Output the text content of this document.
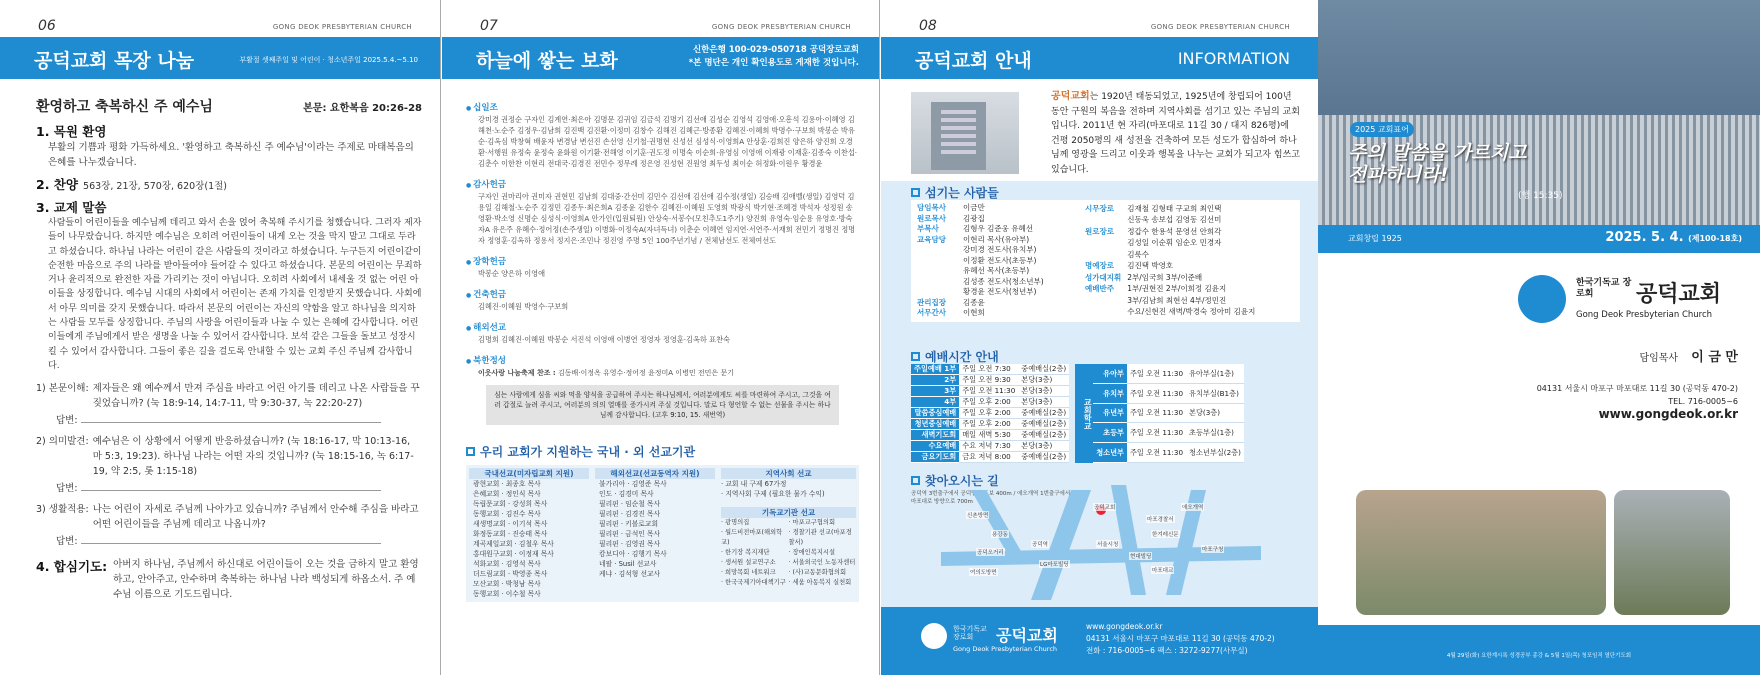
06	GONG DEOK PRESBYTERIAN CHURCH
공덕교회 목장 나눔	부활절 셋째주일 및 어린이 · 청소년주일 2025.5.4.~5.10
환영하고 축복하신 주 예수님	본문: 요한복음 20:26-28
1. 목원 환영
부활의 기쁨과 평화 가득하세요. '환영하고 축복하신 주 예수님'이라는 주제로 마태복음의 은혜를 나누겠습니다.
2. 찬양 563장, 21장, 570장, 620장(1절)
3. 교제 말씀
사람들이 어린이들을 예수님께 데리고 와서 손을 얹어 축복해 주시기를 청했습니다. 그러자 제자들이 나무랐습니다. 하지만 예수님은 오히려 어린이들이 내게 오는 것을 막지 말고 그대로 두라고 하셨습니다. 하나님 나라는 어린이 같은 사람들의 것이라고 하셨습니다. 누구든지 어린이같이 순전한 마음으로 주의 나라를 받아들여야 들어갈 수 있다고 하셨습니다. 본문의 어린이는 무죄하거나 윤리적으로 완전한 자를 가리키는 것이 아닙니다. 오히려 사회에서 내세울 것 없는 어린 아이들을 상징합니다. 예수님 시대의 사회에서 어린이는 존재 가치를 인정받지 못했습니다. 사회에서 아무 의미를 갖지 못했습니다. 따라서 본문의 어린이는 자신의 약함을 알고 하나님을 의지하는 사람들 모두를 상징합니다. 주님의 사랑을 어린이들과 나눌 수 있는 은혜에 감사합니다. 어린이들에게 주님에게서 받은 생명을 나눌 수 있어서 감사합니다. 보석 같은 그들을 돌보고 성장시킬 수 있어서 감사합니다. 그들이 좋은 길을 걸도록 안내할 수 있는 교회 주신 주님께 감사합니다.
1) 본문이해: 제자들은 왜 예수께서 만져 주심을 바라고 어린 아기를 데리고 나온 사람들을 꾸짖었습니까? (눅 18:9-14, 14:7-11, 막 9:30-37, 녹 22:20-27)
답변:
2) 의미발견: 예수님은 이 상황에서 어떻게 반응하셨습니까? (눅 18:16-17, 막 10:13-16, 마 5:3, 19:23). 하나님 나라는 어떤 자의 것입니까? (눅 18:15-16, 녹 6:17-19, 약 2:5, 롯 1:15-18)
답변:
3) 생활적용: 나는 어린이 자세로 주님께 나아가고 있습니까? 주님께서 안수해 주심을 바라고 어떤 어린이들을 주님께 데리고 나옵니까?
답변:
4. 합심기도: 아버지 하나님, 주님께서 하신대로 어린이들이 오는 것을 금하지 말고 환영하고, 안아주고, 안수하며 축복하는 하나님 나라 백성되게 하옵소서. 주 예수님 이름으로 기도드립니다.
07	GONG DEOK PRESBYTERIAN CHURCH
하늘에 쌓는 보화	신한은행 100-029-050718 공덕장로교회
*본 명단은 개인 확인용도로 게재한 것입니다.
● 십일조
강미경 권정순 구자인 김계연·최은아 김명문 김귀임 김금석 김명기 김선애 김성순 김영석 김영애·오흥석 김용아·이혜영 김해천·노순주 김정우·김남희 김진백 김진환·이정미 김창수 김해진 김혜근·방종환 김혜진·이혜희 박명수·구보희 박봉순 박유순·김옥심 박창혁 배윤자 변경남 변선진 손선영 신기철·권명현 신성선 심성식·이영희A 안상훈·김희진 양은하 양진희 오경환·서행원 유정숙 윤정숙 윤화원 이기환·전해영 이기훈·권도정 이명숙 이순희·유영심 이영애 이재광 이재훈·김종숙 이찬섭·김춘수 이한찬 이현리 전대국·김경진 전민수 정무례 정은영 진성현 진원영 최두성 최이순 허정화·이원우 황경윤
● 감사헌금
구자인 권마리아 권미자 권현민 김남희 김대중·간선미 김민수 김선애 김선애 김수정(생일) 김승배 김애벨(생일) 김영덕 김용일 김해철·노순주 김정민 김종두·최은희A 김종윤 김한수 김혜진·이혜원 도영희 박광식 박기현·조혜경 박석자 성정원 송영환·박소영 신명순 심성식·이영희A 안가인(입원퇴원) 안상숙·서봉수(모친추도1주기) 양진희 유영숙·임순용 유영호·방숙자A 유은주 유혜수·정어정(손주생일) 이병화·이정숙A(자녀득녀) 이춘순 이혜연 임지연·서연주·서재희 전민기 정명진 정명자 정영훈·김옥하 정용서 정지은·조민나 정진영 주명 5인 100주년기념 / 전체남선도 전체여선도
● 장학헌금
박봉순 양은하 이영애
● 건축헌금
김혜진·이혜원 박영수·구보희
● 해외선교
김명희 김혜진·이혜원 박봉순 서진석 이영애 이병연 정영자 정영훈·김옥하 표찬숙
● 북한정성
이웃사랑 나눔축제 찬조 : 김동배·이정옥 유영수·정어정 윤정미A 이병민 전민은 문기
심는 사람에게 심을 씨와 먹을 양식을 공급하여 주시는 하나님께서, 여러분에게도 씨를 마련하여 주시고, 그것을 여러 갑절로 늘려 주시고, 여러분의 의의 열매를 증가시켜 주실 것입니다. 말로 다 형언할 수 없는 선물을 주시는 하나님께 감사합니다. (고후 9:10, 15. 새번역)
우리 교회가 지원하는 국내 · 외 선교기관
국내선교(미자립교회 지원)
광현교회 · 최종호 목사
은혜교회 · 정인식 목사
독립문교회 · 강성희 목사
동행교회 · 김진수 목사
새생명교회 · 이기석 목사
화정동교회 · 진승태 목사
계곡제일교회 · 김철우 목사
홍대원구교회 · 이정재 목사
석화교회 · 김영석 목사
더드림교회 · 박영종 목사
모산교회 · 박청남 목사
동행교회 · 이수철 목사
해외선교(선교동역자 지원)
불가리아 · 김영준 목사
인도 · 김경미 목사
필리핀 · 임순철 목사
필리핀 · 김경진 목사
필리핀 · 키볼로교회
필리핀 · 금석인 목사
필리핀 · 김영권 목사
캄보디아 · 김행기 목사
네팔 · Susil 선교사
케냐 · 김석형 선교사
지역사회 선교
· 교회 내 구제 67가정
· 지역사회 구제 (필요한 물가 수익)
기독교기관 선교
· 광명의집	· 마포교구협의회
· 월드비전마포(해외학교)
· 경찰기관 선교(마포경찰서)
· 한기장 복지재단	· 장애인복지시설
· 생서원 설교연구소	· 서울외국인 노동자센터
· 희망목회 네트워크	· (사)교동문화협의회
· 한국국제기아대책기구 · 세움 아동복지 실천회
08	GONG DEOK PRESBYTERIAN CHURCH
공덕교회 안내	INFORMATION
공덕교회는 1920년 태동되었고, 1925년에 창립되어 100년 동안 구원의 복음을 전하며 지역사회를 섬기고 있는 주님의 교회입니다. 2011년 현 자리(마포대로 11길 30 / 대지 826평)에 건평 2050평의 새 성전을 건축하여 모든 성도가 합심하여 하나님께 영광을 드리고 이웃과 행복을 나누는 교회가 되고자 힘쓰고 있습니다.
섬기는 사람들
담임목사	이금만
원로목사	김광집
부목사	김형우 김준웅 유혜선
교육담당	이현리 목사(유아부)
	강미경 전도사(유치부)
	이정환 전도사(초등부)
	유혜선 목사(초등부)
	김성종 전도사(청소년부)
	황경윤 전도사(청년부)
관리집장	김종윤
서무간사	이현희
시무장로	김재철 김형태 구교희 최인택
	신동욱 송보섭 김영동 김선미
원로장로	정갑수 한용석 문영선 안희각
	김성일 이순휘 임순오 민경자
	김룩수
명예장로	김진택 박영호
성가대지휘	2부/임국희 3부/이준배
예배반주	1부/권현진 2부/이희정 김윤지
	3부/김남희 최현선 4부/정민진
	수요/신현진 새벽/박경숙 정아미 김윤지
예배시간 안내
주일예배 1부	주일 오전 7:30	중예배실(2층)
2부	주일 오전 9:30	본당(3층)
3부	주일 오전 11:30	본당(3층)
4부	주일 오후 2:00	본당(3층)
말씀중심예배	주일 오후 2:00	중예배실(2층)
청년중심예배	주일 오후 2:00	중예배실(2층)
새벽기도회	매일 새벽 5:30	중예배실(2층)
수요예배	수요 저녁 7:30	본당(3층)
금요기도회	금요 저녁 8:00	중예배실(2층)
교회학교
유아부	주일 오전 11:30	유아부실(1층)
유치부	주일 오전 11:30	유치부실(B1층)
유년부	주일 오전 11:30	본당(3층)
초등부	주일 오전 11:30	초등부실(1층)
청소년부	주일 오전 11:30	청소년부실(2층)
찾아오시는 길
공덕역 3번출구에서 공덕방향 도보 400m / 애오개역 1번출구에서 마포대로 방향으로 700m
공덕교회
신촌방면
마포경찰서
용강동
애오개역
공덕역	서울시청
한겨레신문
마포구청
현대빌딩
LG마포빌딩
공덕오거리
마포대교
여의도방면
한국기독교 장로회	공덕교회
Gong Deok Presbyterian Church
www.gongdeok.or.kr
04131 서울시 마포구 마포대로 11길 30 (공덕동 470-2)
전화 : 716-0005~6 팩스 : 3272-9277(사무실)
2025 교회표어
주의 말씀을 가르치고 전파하니라!
(행 15:35)
교회창립 1925	2025. 5. 4. (제100-18호)
한국기독교 장로회	공덕교회
Gong Deok Presbyterian Church
담임목사 이 금 만
04131 서울시 마포구 마포대로 11길 30 (공덕동 470-2)
TEL. 716-0005~6
www.gongdeok.or.kr
4월 29일(화) 요한계시록 성경공부 종강 & 5월 1일(목) 청포임직 열단기도회
